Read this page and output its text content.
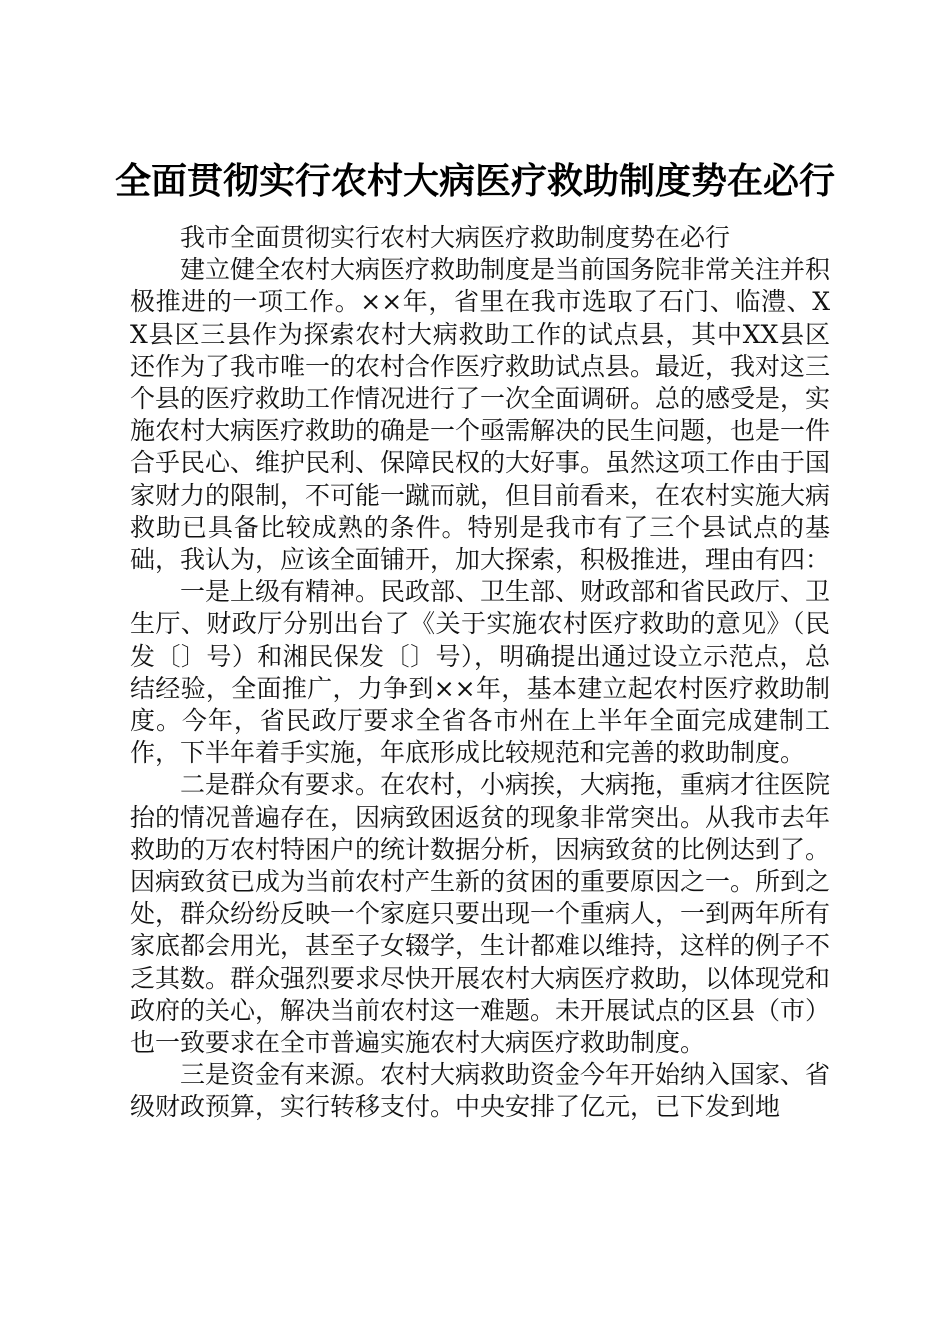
全面贯彻实行农村大病医疗救助制度势在必行

我市全面贯彻实行农村大病医疗救助制度势在必行

建立健全农村大病医疗救助制度是当前国务院非常关注并积极推进的一项工作。××年，省里在我市选取了石门、临澧、XX县区三县作为探索农村大病救助工作的试点县，其中XX县区还作为了我市唯一的农村合作医疗救助试点县。最近，我对这三个县的医疗救助工作情况进行了一次全面调研。总的感受是，实施农村大病医疗救助的确是一个亟需解决的民生问题，也是一件合乎民心、维护民利、保障民权的大好事。虽然这项工作由于国家财力的限制，不可能一蹴而就，但目前看来，在农村实施大病救助已具备比较成熟的条件。特别是我市有了三个县试点的基础，我认为，应该全面铺开，加大探索，积极推进，理由有四：

一是上级有精神。民政部、卫生部、财政部和省民政厅、卫生厅、财政厅分别出台了《关于实施农村医疗救助的意见》（民发〔〕号）和湘民保发〔〕号），明确提出通过设立示范点，总结经验，全面推广，力争到××年，基本建立起农村医疗救助制度。今年，省民政厅要求全省各市州在上半年全面完成建制工作，下半年着手实施，年底形成比较规范和完善的救助制度。

二是群众有要求。在农村，小病挨，大病拖，重病才往医院抬的情况普遍存在，因病致困返贫的现象非常突出。从我市去年救助的万农村特困户的统计数据分析，因病致贫的比例达到了。因病致贫已成为当前农村产生新的贫困的重要原因之一。所到之处，群众纷纷反映一个家庭只要出现一个重病人，一到两年所有家底都会用光，甚至子女辍学，生计都难以维持，这样的例子不乏其数。群众强烈要求尽快开展农村大病医疗救助，以体现党和政府的关心，解决当前农村这一难题。未开展试点的区县（市）也一致要求在全市普遍实施农村大病医疗救助制度。

三是资金有来源。农村大病救助资金今年开始纳入国家、省级财政预算，实行转移支付。中央安排了亿元，已下发到地
